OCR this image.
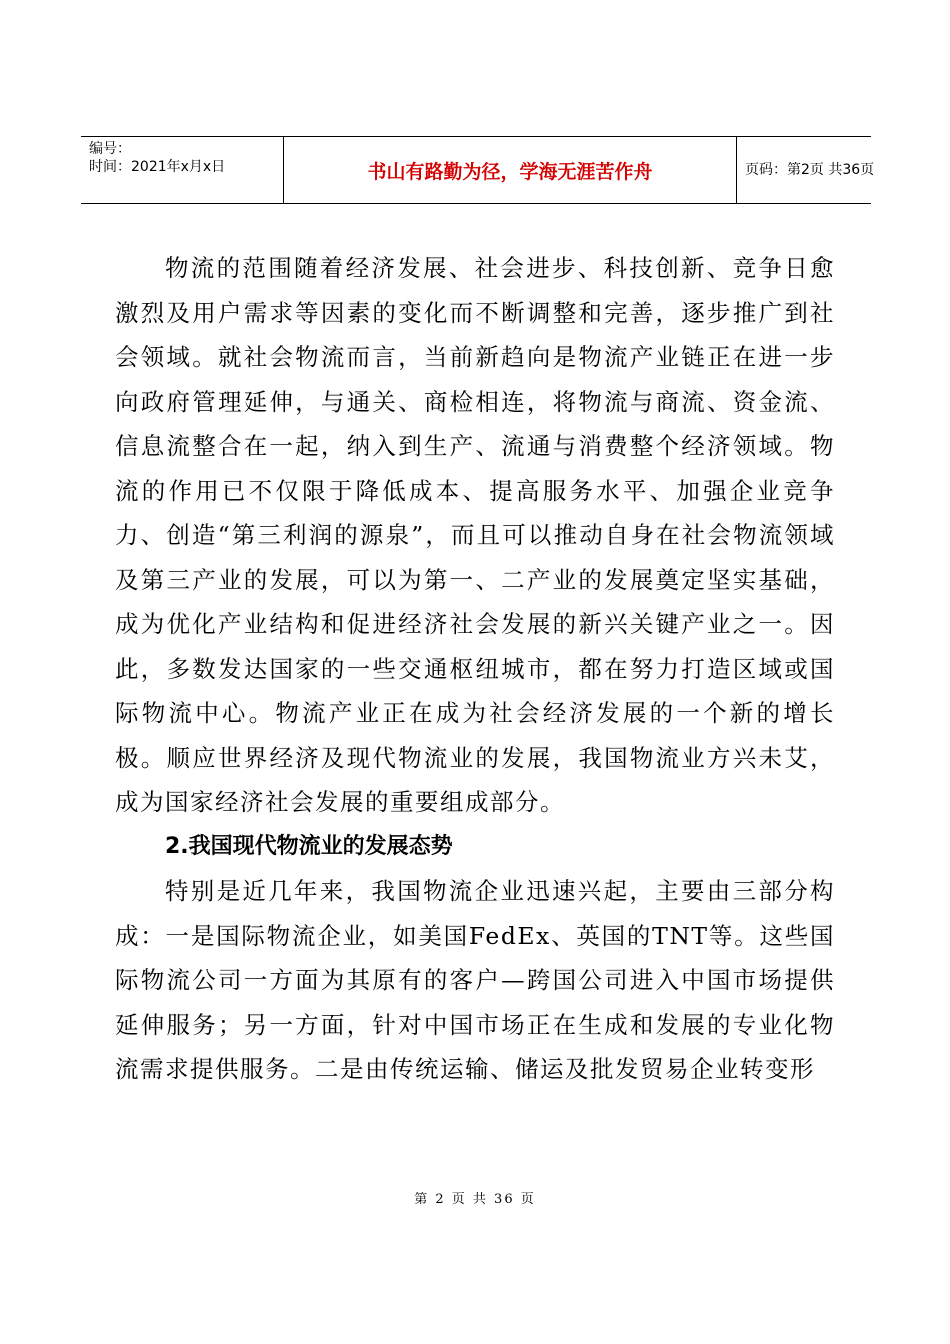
编号：
时间：2021年x月x日	书山有路勤为径，学海无涯苦作舟	页码：第2页 共36页

物流的范围随着经济发展、社会进步、科技创新、竞争日愈激烈及用户需求等因素的变化而不断调整和完善，逐步推广到社会领域。就社会物流而言，当前新趋向是物流产业链正在进一步向政府管理延伸，与通关、商检相连，将物流与商流、资金流、信息流整合在一起，纳入到生产、流通与消费整个经济领域。物流的作用已不仅限于降低成本、提高服务水平、加强企业竞争力、创造“第三利润的源泉”，而且可以推动自身在社会物流领域及第三产业的发展，可以为第一、二产业的发展奠定坚实基础，成为优化产业结构和促进经济社会发展的新兴关键产业之一。因此，多数发达国家的一些交通枢纽城市，都在努力打造区域或国际物流中心。物流产业正在成为社会经济发展的一个新的增长极。顺应世界经济及现代物流业的发展，我国物流业方兴未艾，成为国家经济社会发展的重要组成部分。

2.我国现代物流业的发展态势

特别是近几年来，我国物流企业迅速兴起，主要由三部分构成：一是国际物流企业，如美国FedEx、英国的TNT等。这些国际物流公司一方面为其原有的客户—跨国公司进入中国市场提供延伸服务；另一方面，针对中国市场正在生成和发展的专业化物流需求提供服务。二是由传统运输、储运及批发贸易企业转变形

第 2 页 共 36 页
